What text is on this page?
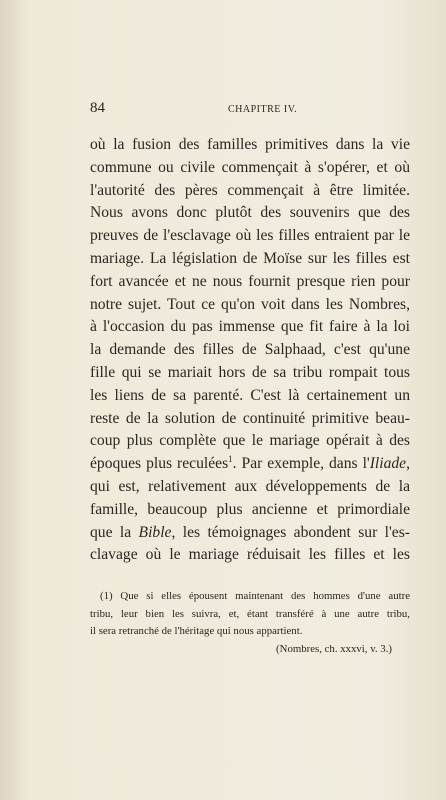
84	CHAPITRE IV.
où la fusion des familles primitives dans la vie
commune ou civile commençait à s'opérer, et où
l'autorité des pères commençait à être limitée.
Nous avons donc plutôt des souvenirs que des
preuves de l'esclavage où les filles entraient par le
mariage. La législation de Moïse sur les filles est
fort avancée et ne nous fournit presque rien pour
notre sujet. Tout ce qu'on voit dans les Nombres,
à l'occasion du pas immense que fit faire à la loi
la demande des filles de Salphaad, c'est qu'une
fille qui se mariait hors de sa tribu rompait tous
les liens de sa parenté. C'est là certainement un
reste de la solution de continuité primitive beau-
coup plus complète que le mariage opérait à des
époques plus reculées$^1$. Par exemple, dans l'Iliade,
qui est, relativement aux développements de la
famille, beaucoup plus ancienne et primordiale
que la Bible, les témoignages abondent sur l'es-
clavage où le mariage réduisait les filles et les
(1) Que si elles épousent maintenant des hommes d'une autre
tribu, leur bien les suivra, et, étant transféré à une autre tribu,
il sera retranché de l'héritage qui nous appartient.
(Nombres, ch. xxxvi, v. 3.)
